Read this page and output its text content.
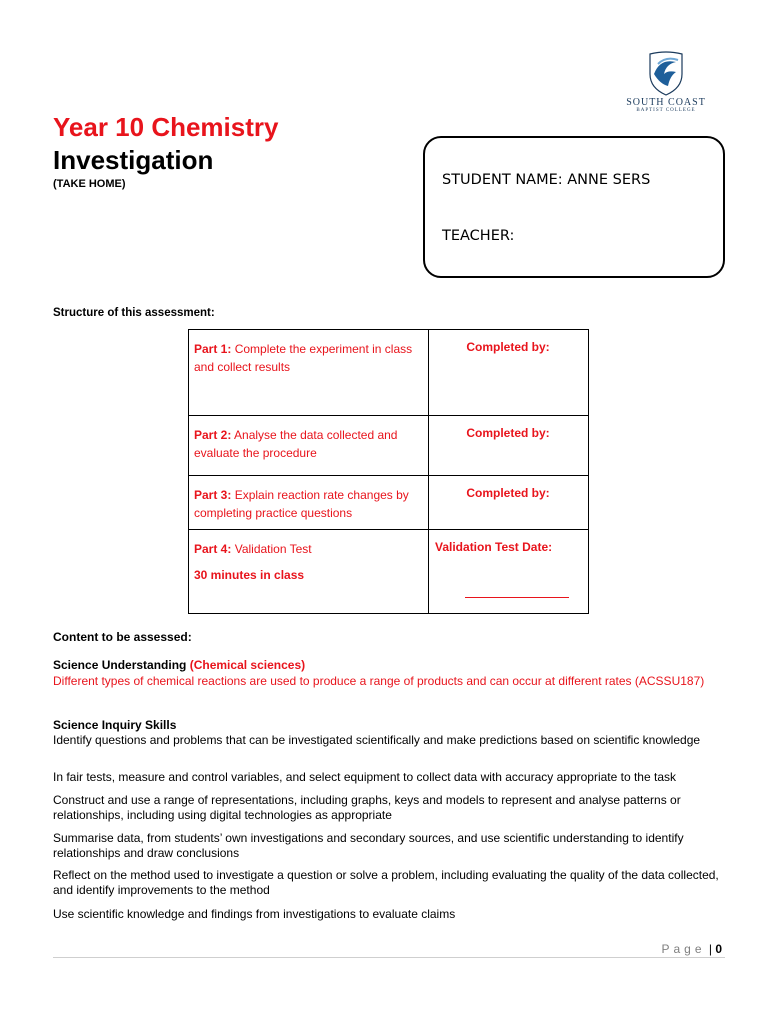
SOUTH COAST
BAPTIST COLLEGE
Year 10 Chemistry
Investigation
(TAKE HOME)	STUDENT NAME: ANNE SERS
TEACHER:
Structure of this assessment:
Part 1: Complete the experiment in class and collect results	Completed by:
Part 2: Analyse the data collected and evaluate the procedure	Completed by:
Part 3: Explain reaction rate changes by completing practice questions	Completed by:
Part 4: Validation Test
30 minutes in class	Validation Test Date:

Content to be assessed:
Science Understanding (Chemical sciences)
Different types of chemical reactions are used to produce a range of products and can occur at different rates (ACSSU187)
Science Inquiry Skills
Identify questions and problems that can be investigated scientifically and make predictions based on scientific knowledge
In fair tests, measure and control variables, and select equipment to collect data with accuracy appropriate to the task
Construct and use a range of representations, including graphs, keys and models to represent and analyse patterns or relationships, including using digital technologies as appropriate
Summarise data, from students’ own investigations and secondary sources, and use scientific understanding to identify relationships and draw conclusions
Reflect on the method used to investigate a question or solve a problem, including evaluating the quality of the data collected, and identify improvements to the method
Use scientific knowledge and findings from investigations to evaluate claims
Page | 0
